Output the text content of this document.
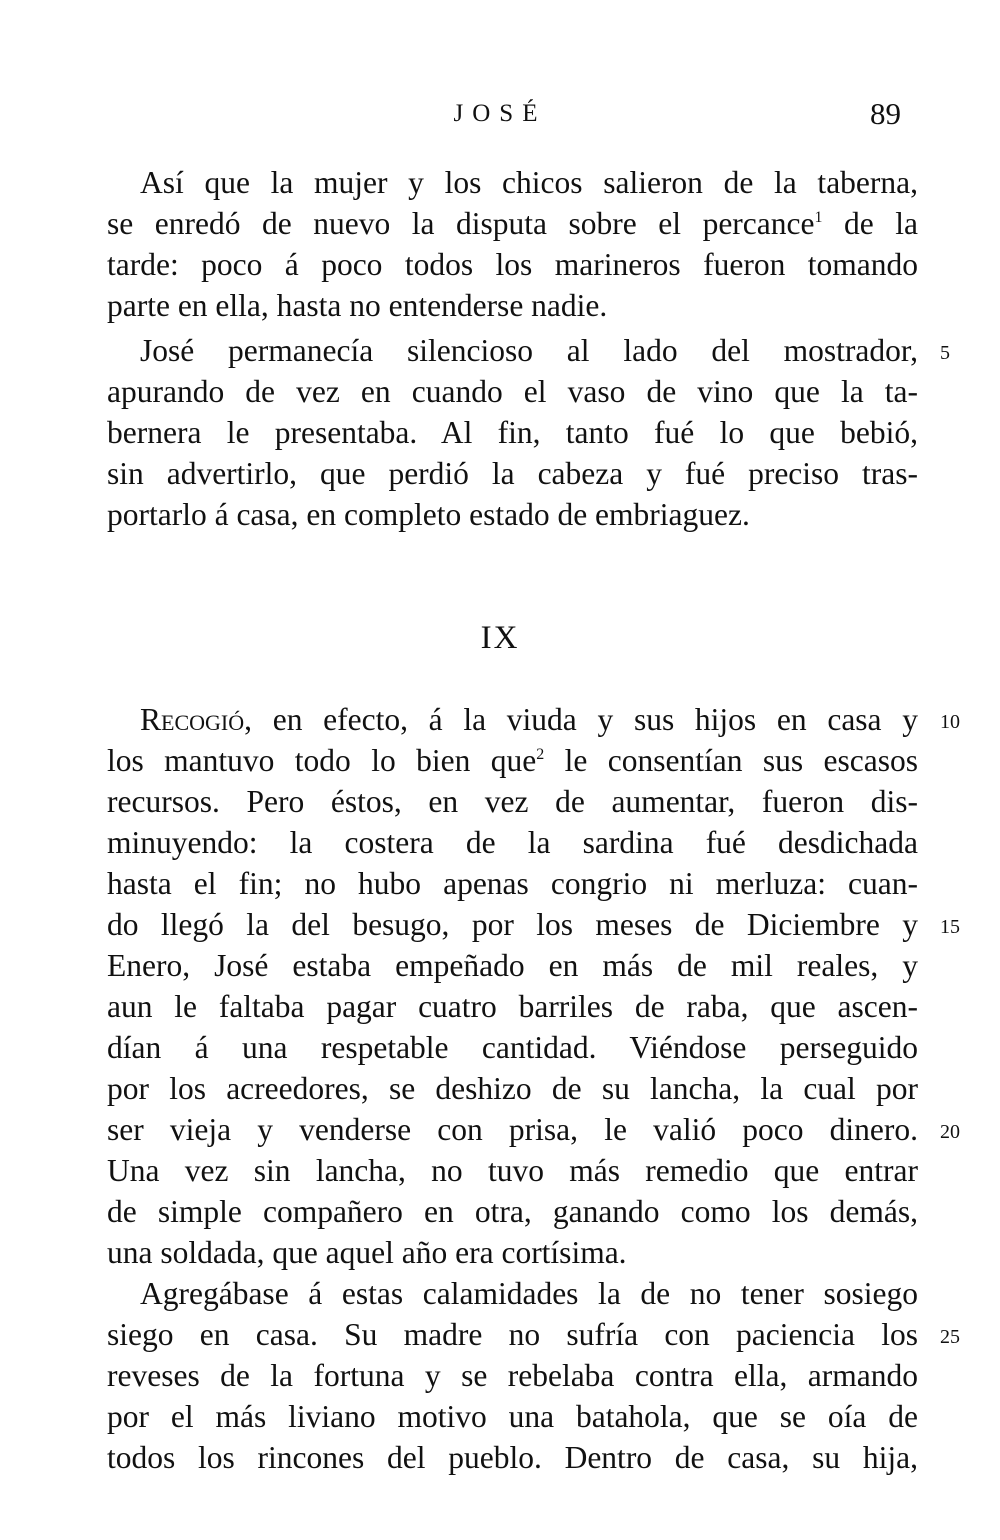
JOSÉ	89
Así que la mujer y los chicos salieron de la taberna,
se enredó de nuevo la disputa sobre el percance$^1$ de la
tarde: poco á poco todos los marineros fueron tomando
parte en ella, hasta no entenderse nadie.
José permanecía silencioso al lado del mostrador,
apurando de vez en cuando el vaso de vino que la ta-
bernera le presentaba. Al fin, tanto fué lo que bebió,
sin advertirlo, que perdió la cabeza y fué preciso tras-
portarlo á casa, en completo estado de embriaguez.
IX
Recogió, en efecto, á la viuda y sus hijos en casa y
los mantuvo todo lo bien que$^2$ le consentían sus escasos
recursos. Pero éstos, en vez de aumentar, fueron dis-
minuyendo: la costera de la sardina fué desdichada
hasta el fin; no hubo apenas congrio ni merluza: cuan-
do llegó la del besugo, por los meses de Diciembre y
Enero, José estaba empeñado en más de mil reales, y
aun le faltaba pagar cuatro barriles de raba, que ascen-
dían á una respetable cantidad. Viéndose perseguido
por los acreedores, se deshizo de su lancha, la cual por
ser vieja y venderse con prisa, le valió poco dinero.
Una vez sin lancha, no tuvo más remedio que entrar
de simple compañero en otra, ganando como los demás,
una soldada, que aquel año era cortísima.
Agregábase á estas calamidades la de no tener sosiego
siego en casa. Su madre no sufría con paciencia los
reveses de la fortuna y se rebelaba contra ella, armando
por el más liviano motivo una batahola, que se oía de
todos los rincones del pueblo. Dentro de casa, su hija,
5
10
15
20
25
